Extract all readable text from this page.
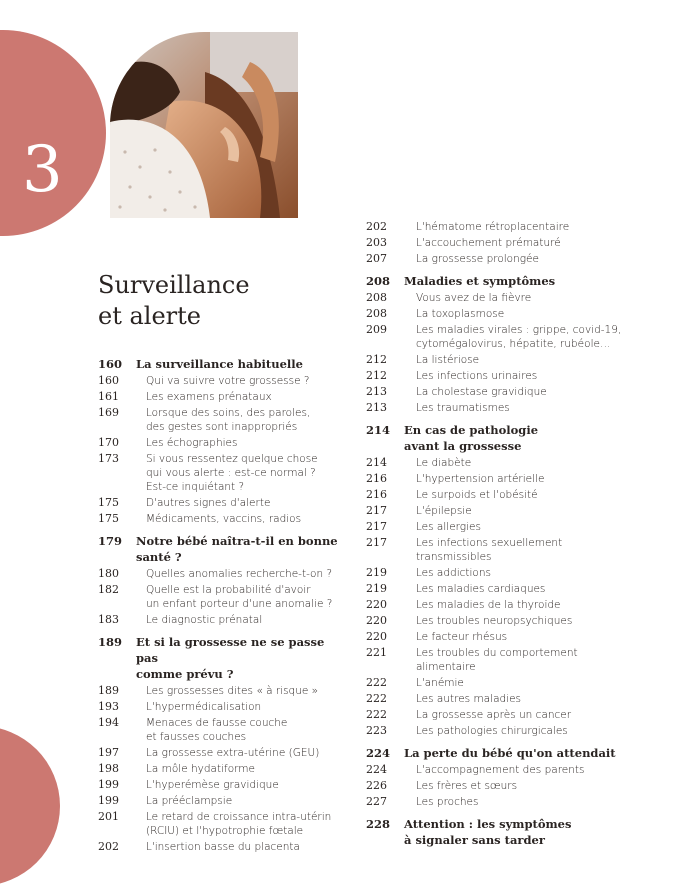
3
Surveillance
et alerte
160	La surveillance habituelle
160	Qui va suivre votre grossesse ?
161	Les examens prénataux
169	Lorsque des soins, des paroles,
des gestes sont inappropriés
170	Les échographies
173	Si vous ressentez quelque chose
qui vous alerte : est-ce normal ?
Est-ce inquiétant ?
175	D'autres signes d'alerte
175	Médicaments, vaccins, radios
179	Notre bébé naîtra-t-il en bonne
santé ?
180	Quelles anomalies recherche-t-on ?
182	Quelle est la probabilité d'avoir
un enfant porteur d'une anomalie ?
183	Le diagnostic prénatal
189	Et si la grossesse ne se passe pas
comme prévu ?
189	Les grossesses dites « à risque »
193	L'hypermédicalisation
194	Menaces de fausse couche
et fausses couches
197	La grossesse extra-utérine (GEU)
198	La môle hydatiforme
199	L'hyperémèse gravidique
199	La prééclampsie
201	Le retard de croissance intra-utérin
(RCIU) et l'hypotrophie fœtale
202	L'insertion basse du placenta
202	L'hématome rétroplacentaire
203	L'accouchement prématuré
207	La grossesse prolongée
208	Maladies et symptômes
208	Vous avez de la fièvre
208	La toxoplasmose
209	Les maladies virales : grippe, covid-19,
cytomégalovirus, hépatite, rubéole…
212	La listériose
212	Les infections urinaires
213	La cholestase gravidique
213	Les traumatismes
214	En cas de pathologie
avant la grossesse
214	Le diabète
216	L'hypertension artérielle
216	Le surpoids et l'obésité
217	L'épilepsie
217	Les allergies
217	Les infections sexuellement
transmissibles
219	Les addictions
219	Les maladies cardiaques
220	Les maladies de la thyroïde
220	Les troubles neuropsychiques
220	Le facteur rhésus
221	Les troubles du comportement
alimentaire
222	L'anémie
222	Les autres maladies
222	La grossesse après un cancer
223	Les pathologies chirurgicales
224	La perte du bébé qu'on attendait
224	L'accompagnement des parents
226	Les frères et sœurs
227	Les proches
228	Attention : les symptômes
à signaler sans tarder
